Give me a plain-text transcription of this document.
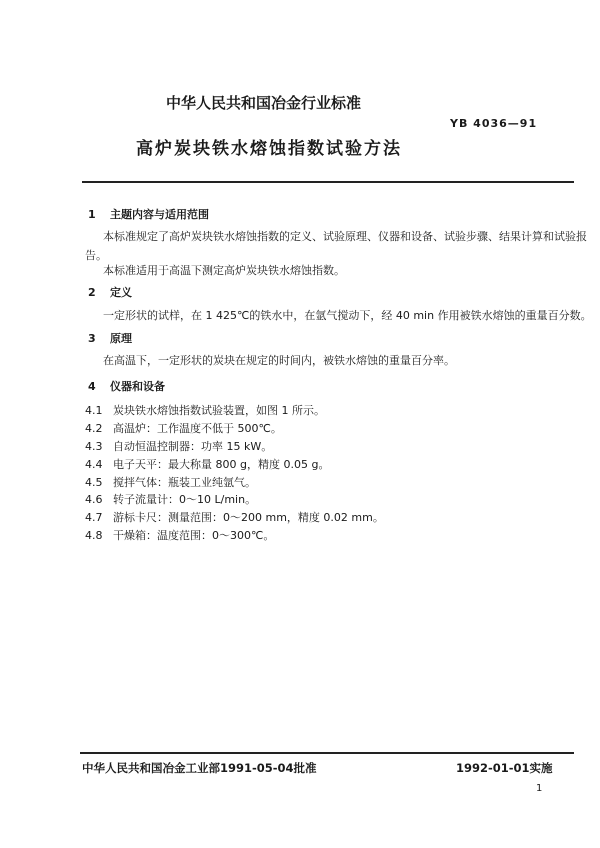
中华人民共和国冶金行业标准
YB 4036—91
高炉炭块铁水熔蚀指数试验方法
1 主题内容与适用范围
本标准规定了高炉炭块铁水熔蚀指数的定义、试验原理、仪器和设备、试验步骤、结果计算和试验报
告。
本标准适用于高温下测定高炉炭块铁水熔蚀指数。
2 定义
一定形状的试样，在 1 425℃的铁水中，在氩气搅动下，经 40 min 作用被铁水熔蚀的重量百分数。
3 原理
在高温下，一定形状的炭块在规定的时间内，被铁水熔蚀的重量百分率。
4 仪器和设备
4.1 炭块铁水熔蚀指数试验装置，如图 1 所示。
4.2 高温炉：工作温度不低于 500℃。
4.3 自动恒温控制器：功率 15 kW。
4.4 电子天平：最大称量 800 g，精度 0.05 g。
4.5 搅拌气体：瓶装工业纯氩气。
4.6 转子流量计：0～10 L/min。
4.7 游标卡尺：测量范围：0～200 mm，精度 0.02 mm。
4.8 干燥箱：温度范围：0～300℃。
中华人民共和国冶金工业部1991-05-04批准	1992-01-01实施
1
